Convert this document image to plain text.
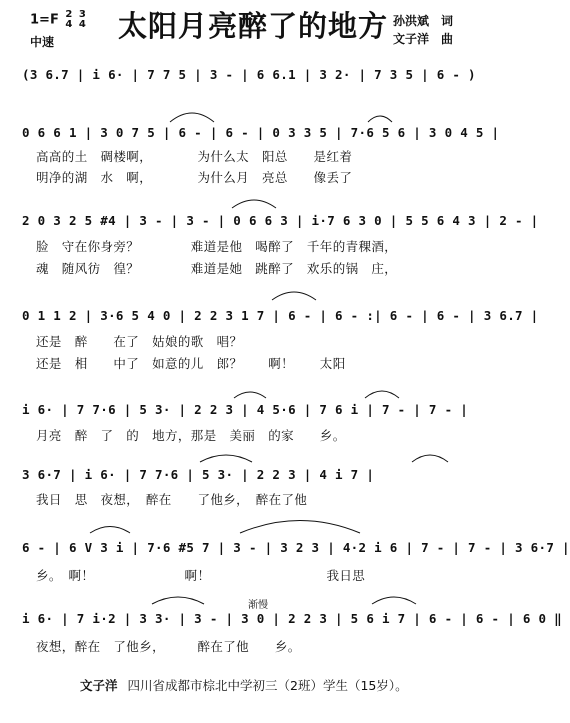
1=F 2
4

3
4
中速 太阳月亮醉了的地方 孙洪斌　词
文子洋　曲
(3 6.7 | i 6· | 7 7 5 | 3 - | 6 6.1 | 3 2· | 7 3 5 | 6 - )
0 6 6 1 | 3 0 7 5 | 6 - | 6 - | 0 3 3 5 | 7·6 5 6 | 3 0 4 5 |
高高的土　碉楼啊，　　　　为什么太　阳总　　是红着
明净的湖　水　啊，　　　　为什么月　亮总　　像丢了
2 0 3 2 5 #4 | 3 - | 3 - | 0 6 6 3 | i·7 6 3 0 | 5 5 6 4 3 | 2 - |
脸　守在你身旁？　　　　难道是他　喝醉了　千年的青稞酒，
魂　随风彷　徨？　　　　难道是她　跳醉了　欢乐的锅　庄，
0 1 1 2 | 3·6 5 4 0 | 2 2 3 1 7 | 6 - | 6 - :| 6 - | 6 - | 3 6.7 |
还是　醉　　在了　姑娘的歌　唱？
还是　相　　中了　如意的儿　郎？　　啊！　　太阳
i 6· | 7 7·6 | 5 3· | 2 2 3 | 4 5·6 | 7 6 i | 7 - | 7 - |
月亮　醉　了　的　地方，那是　美丽　的家　　乡。
3 6·7 | i 6· | 7 7·6 | 5 3· | 2 2 3 | 4 i 7 |
我日　思　夜想，　醉在　　了他乡，　醉在了他
6 - | 6 V 3 i | 7·6 #5 7 | 3 - | 3 2 3 | 4·2 i 6 | 7 - | 7 - | 3 6·7 |
乡。　啊！　　　　　　　啊！　　　　　　　　　我日思
渐慢
i 6· | 7 i·2 | 3 3· | 3 - | 3 0 | 2 2 3 | 5 6 i 7 | 6 - | 6 - | 6 0 ‖
夜想，醉在　了他乡，　　　醉在了他　　乡。
文子洋 四川省成都市棕北中学初三（2班）学生（15岁）。
